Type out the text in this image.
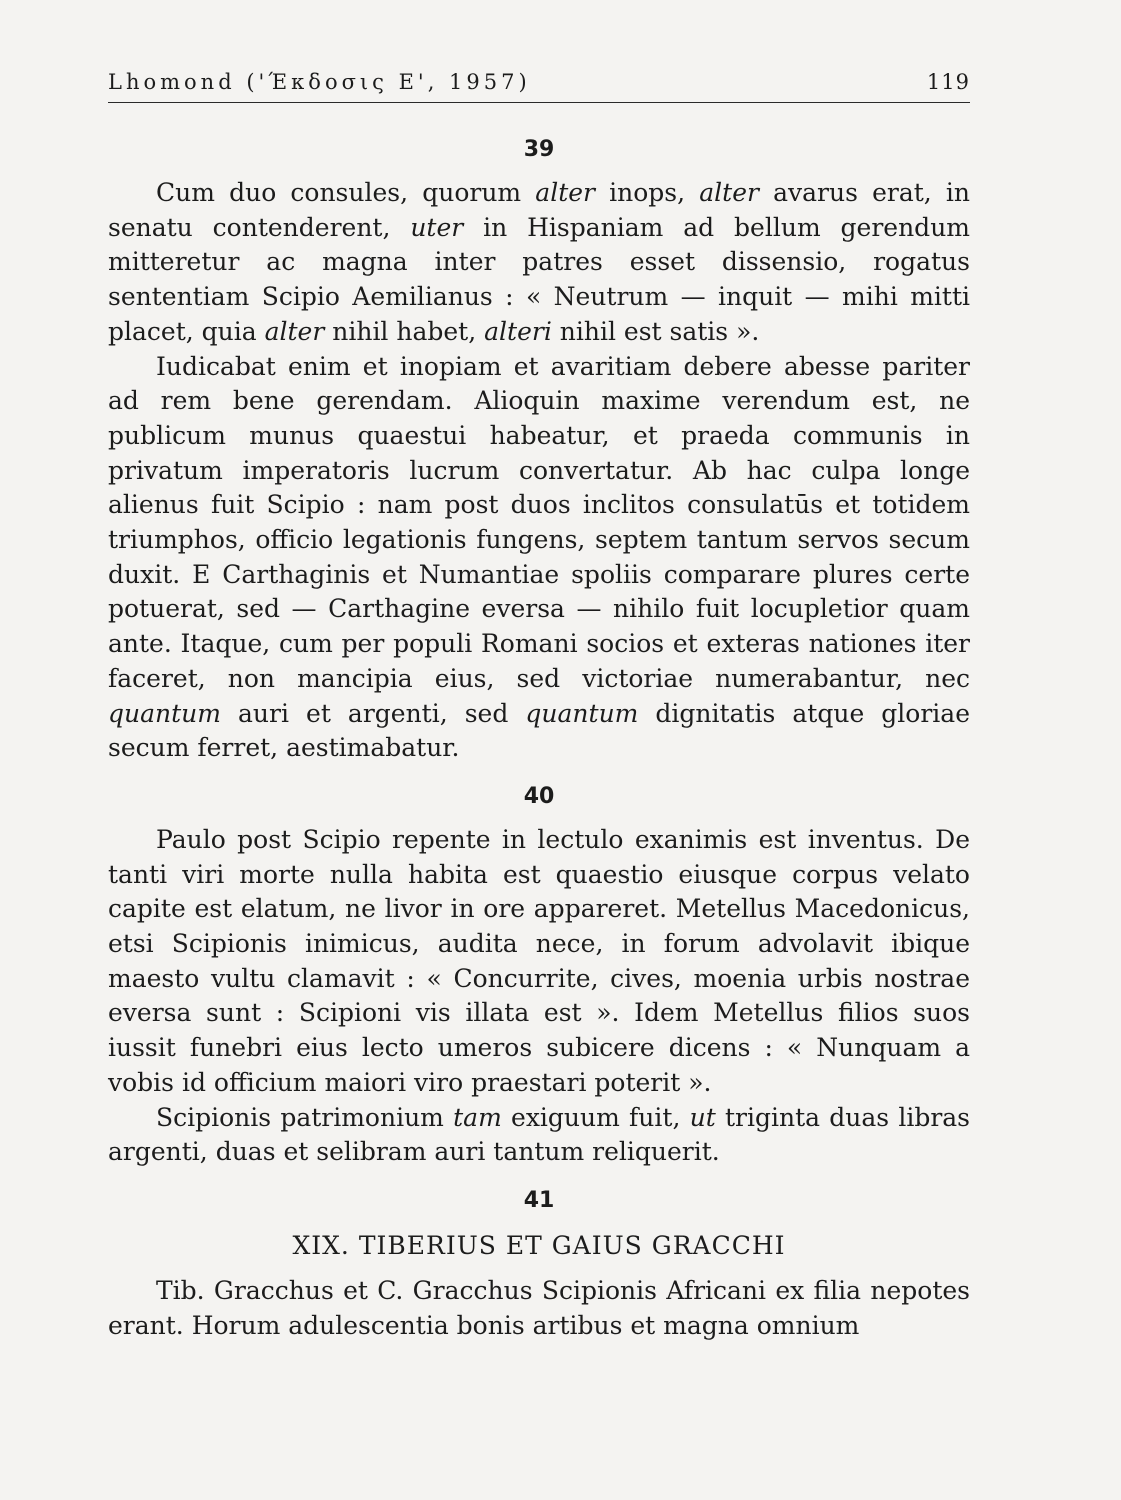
Lhomond ('Έκδοσις Ε', 1957)	119
39

Cum duo consules, quorum alter inops, alter avarus erat, in senatu contenderent, uter in Hispaniam ad bellum gerendum mitteretur ac magna inter patres esset dissensio, rogatus sententiam Scipio Aemilianus : « Neutrum — inquit — mihi mitti placet, quia alter nihil habet, alteri nihil est satis ».

Iudicabat enim et inopiam et avaritiam debere abesse pariter ad rem bene gerendam. Alioquin maxime verendum est, ne publicum munus quaestui habeatur, et praeda communis in privatum imperatoris lucrum convertatur. Ab hac culpa longe alienus fuit Scipio : nam post duos inclitos consulatūs et totidem triumphos, officio legationis fungens, septem tantum servos secum duxit. E Carthaginis et Numantiae spoliis comparare plures certe potuerat, sed — Carthagine eversa — nihilo fuit locupletior quam ante. Itaque, cum per populi Romani socios et exteras nationes iter faceret, non mancipia eius, sed victoriae numerabantur, nec quantum auri et argenti, sed quantum dignitatis atque gloriae secum ferret, aestimabatur.

40

Paulo post Scipio repente in lectulo exanimis est inventus. De tanti viri morte nulla habita est quaestio eiusque corpus velato capite est elatum, ne livor in ore appareret. Metellus Macedonicus, etsi Scipionis inimicus, audita nece, in forum advolavit ibique maesto vultu clamavit : « Concurrite, cives, moenia urbis nostrae eversa sunt : Scipioni vis illata est ». Idem Metellus filios suos iussit funebri eius lecto umeros subicere dicens : « Nunquam a vobis id officium maiori viro praestari poterit ».

Scipionis patrimonium tam exiguum fuit, ut triginta duas libras argenti, duas et selibram auri tantum reliquerit.

41
XIX. TIBERIUS ET GAIUS GRACCHI

Tib. Gracchus et C. Gracchus Scipionis Africani ex filia nepotes erant. Horum adulescentia bonis artibus et magna omnium
